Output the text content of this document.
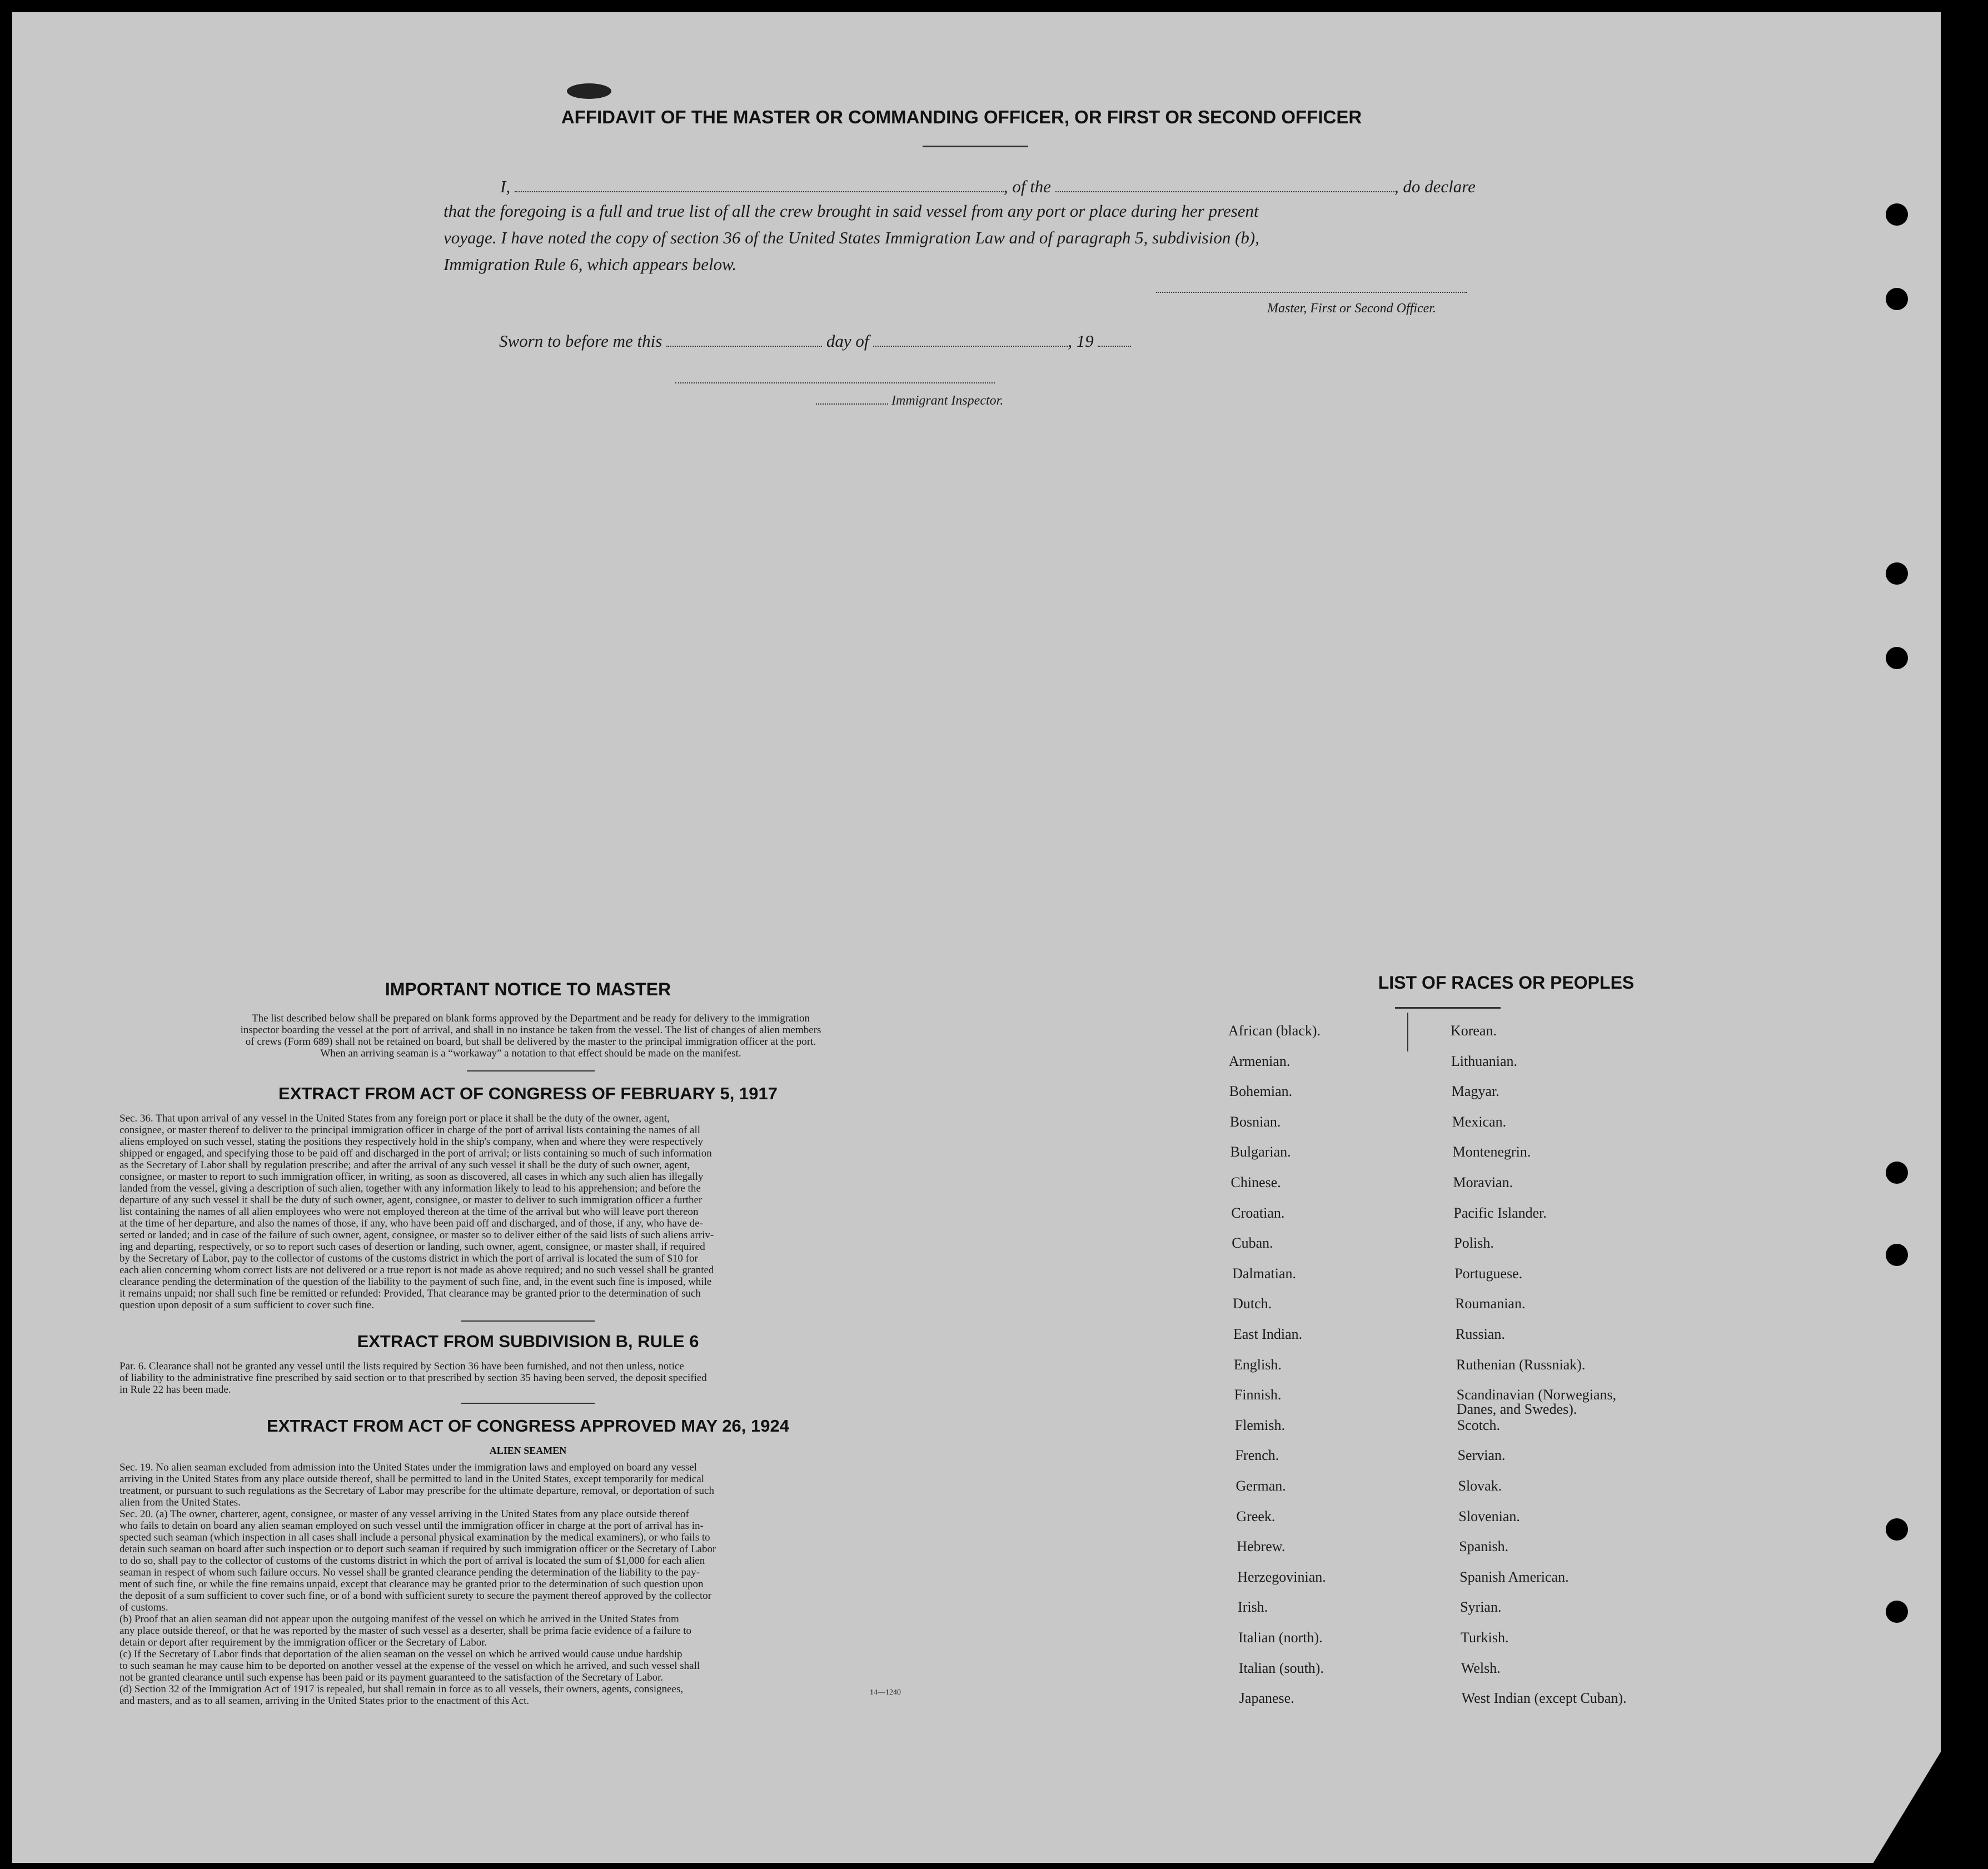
AFFIDAVIT OF THE MASTER OR COMMANDING OFFICER, OR FIRST OR SECOND OFFICER
I,	, of the	, do declare
that the foregoing is a full and true list of all the crew brought in said vessel from any port or place during her present
voyage. I have noted the copy of section 36 of the United States Immigration Law and of paragraph 5, subdivision (b),
Immigration Rule 6, which appears below.
Master, First or Second Officer.
Sworn to before me this	day of	, 19
Immigrant Inspector.
IMPORTANT NOTICE TO MASTER
The list described below shall be prepared on blank forms approved by the Department and be ready for delivery to the immigration
inspector boarding the vessel at the port of arrival, and shall in no instance be taken from the vessel. The list of changes of alien members
of crews (Form 689) shall not be retained on board, but shall be delivered by the master to the principal immigration officer at the port.
When an arriving seaman is a “workaway” a notation to that effect should be made on the manifest.
EXTRACT FROM ACT OF CONGRESS OF FEBRUARY 5, 1917
Sec. 36. That upon arrival of any vessel in the United States from any foreign port or place it shall be the duty of the owner, agent,
consignee, or master thereof to deliver to the principal immigration officer in charge of the port of arrival lists containing the names of all
aliens employed on such vessel, stating the positions they respectively hold in the ship's company, when and where they were respectively
shipped or engaged, and specifying those to be paid off and discharged in the port of arrival; or lists containing so much of such information
as the Secretary of Labor shall by regulation prescribe; and after the arrival of any such vessel it shall be the duty of such owner, agent,
consignee, or master to report to such immigration officer, in writing, as soon as discovered, all cases in which any such alien has illegally
landed from the vessel, giving a description of such alien, together with any information likely to lead to his apprehension; and before the
departure of any such vessel it shall be the duty of such owner, agent, consignee, or master to deliver to such immigration officer a further
list containing the names of all alien employees who were not employed thereon at the time of the arrival but who will leave port thereon
at the time of her departure, and also the names of those, if any, who have been paid off and discharged, and of those, if any, who have de-
serted or landed; and in case of the failure of such owner, agent, consignee, or master so to deliver either of the said lists of such aliens arriv-
ing and departing, respectively, or so to report such cases of desertion or landing, such owner, agent, consignee, or master shall, if required
by the Secretary of Labor, pay to the collector of customs of the customs district in which the port of arrival is located the sum of $10 for
each alien concerning whom correct lists are not delivered or a true report is not made as above required; and no such vessel shall be granted
clearance pending the determination of the question of the liability to the payment of such fine, and, in the event such fine is imposed, while
it remains unpaid; nor shall such fine be remitted or refunded: Provided, That clearance may be granted prior to the determination of such
question upon deposit of a sum sufficient to cover such fine.
EXTRACT FROM SUBDIVISION B, RULE 6
Par. 6. Clearance shall not be granted any vessel until the lists required by Section 36 have been furnished, and not then unless, notice
of liability to the administrative fine prescribed by said section or to that prescribed by section 35 having been served, the deposit specified
in Rule 22 has been made.
EXTRACT FROM ACT OF CONGRESS APPROVED MAY 26, 1924
ALIEN SEAMEN
Sec. 19. No alien seaman excluded from admission into the United States under the immigration laws and employed on board any vessel
arriving in the United States from any place outside thereof, shall be permitted to land in the United States, except temporarily for medical
treatment, or pursuant to such regulations as the Secretary of Labor may prescribe for the ultimate departure, removal, or deportation of such
alien from the United States.
Sec. 20. (a) The owner, charterer, agent, consignee, or master of any vessel arriving in the United States from any place outside thereof
who fails to detain on board any alien seaman employed on such vessel until the immigration officer in charge at the port of arrival has in-
spected such seaman (which inspection in all cases shall include a personal physical examination by the medical examiners), or who fails to
detain such seaman on board after such inspection or to deport such seaman if required by such immigration officer or the Secretary of Labor
to do so, shall pay to the collector of customs of the customs district in which the port of arrival is located the sum of $1,000 for each alien
seaman in respect of whom such failure occurs. No vessel shall be granted clearance pending the determination of the liability to the pay-
ment of such fine, or while the fine remains unpaid, except that clearance may be granted prior to the determination of such question upon
the deposit of a sum sufficient to cover such fine, or of a bond with sufficient surety to secure the payment thereof approved by the collector
of customs.
(b) Proof that an alien seaman did not appear upon the outgoing manifest of the vessel on which he arrived in the United States from
any place outside thereof, or that he was reported by the master of such vessel as a deserter, shall be prima facie evidence of a failure to
detain or deport after requirement by the immigration officer or the Secretary of Labor.
(c) If the Secretary of Labor finds that deportation of the alien seaman on the vessel on which he arrived would cause undue hardship
to such seaman he may cause him to be deported on another vessel at the expense of the vessel on which he arrived, and such vessel shall
not be granted clearance until such expense has been paid or its payment guaranteed to the satisfaction of the Secretary of Labor.
(d) Section 32 of the Immigration Act of 1917 is repealed, but shall remain in force as to all vessels, their owners, agents, consignees,
and masters, and as to all seamen, arriving in the United States prior to the enactment of this Act.
14—1240
LIST OF RACES OR PEOPLES
African (black).
Armenian.
Bohemian.
Bosnian.
Bulgarian.
Chinese.
Croatian.
Cuban.
Dalmatian.
Dutch.
East Indian.
English.
Finnish.
Flemish.
French.
German.
Greek.
Hebrew.
Herzegovinian.
Irish.
Italian (north).
Italian (south).
Japanese.
Korean.
Lithuanian.
Magyar.
Mexican.
Montenegrin.
Moravian.
Pacific Islander.
Polish.
Portuguese.
Roumanian.
Russian.
Ruthenian (Russniak).
Scandinavian (Norwegians,
Danes, and Swedes).
Scotch.
Servian.
Slovak.
Slovenian.
Spanish.
Spanish American.
Syrian.
Turkish.
Welsh.
West Indian (except Cuban).
